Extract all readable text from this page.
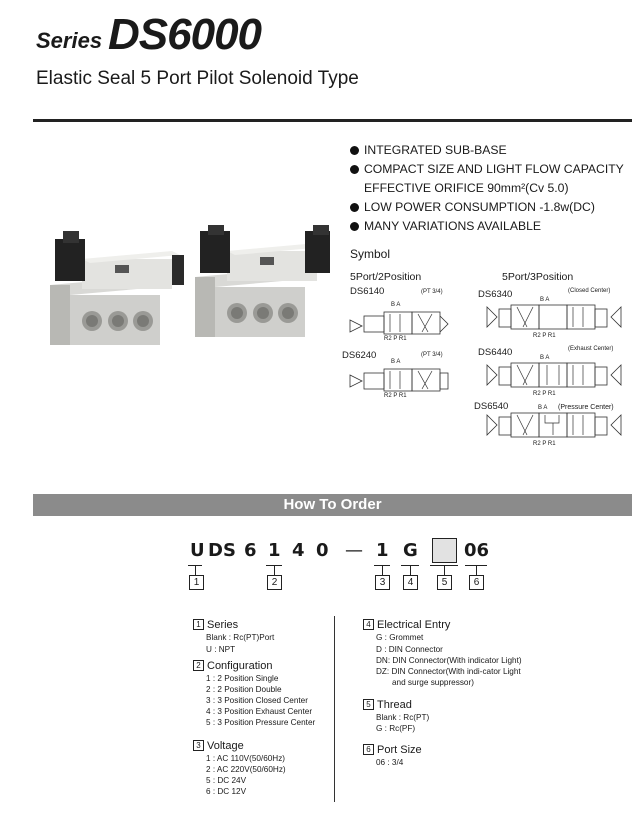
Series DS6000
Elastic Seal 5 Port Pilot Solenoid Type
INTEGRATED SUB-BASE
COMPACT SIZE AND LIGHT FLOW CAPACITY EFFECTIVE ORIFICE 90mm²(Cv 5.0)
LOW POWER CONSUMPTION -1.8w(DC)
MANY VARIATIONS AVAILABLE
Symbol
5Port/2Position	5Port/3Position
DS6140	(PT 3/4)
B A
R2 P R1
DS6240	(PT 3/4)
B A
R2 P R1
DS6340	(Closed Center)
B A
R2 P R1
DS6440	(Exhaust Center)
B A
R2 P R1
DS6540	(Pressure Center)
B A
R2 P R1
How To Order
U DS 6 1 4 0 — 1 G	06
1	2	3	4	5	6
1 Series
Blank : Rc(PT)Port
U : NPT
2 Configuration
1 : 2 Position Single
2 : 2 Position Double
3 : 3 Position Closed Center
4 : 3 Position Exhaust Center
5 : 3 Position Pressure Center
3 Voltage
1 : AC 110V(50/60Hz)
2 : AC 220V(50/60Hz)
5 : DC 24V
6 : DC 12V
4 Electrical Entry
G : Grommet
D : DIN Connector
DN: DIN Connector(With indicator Light)
DZ: DIN Connector(With indi-cator Light
and surge suppressor)
5 Thread
Blank : Rc(PT)
G : Rc(PF)
6 Port Size
06 : 3/4
